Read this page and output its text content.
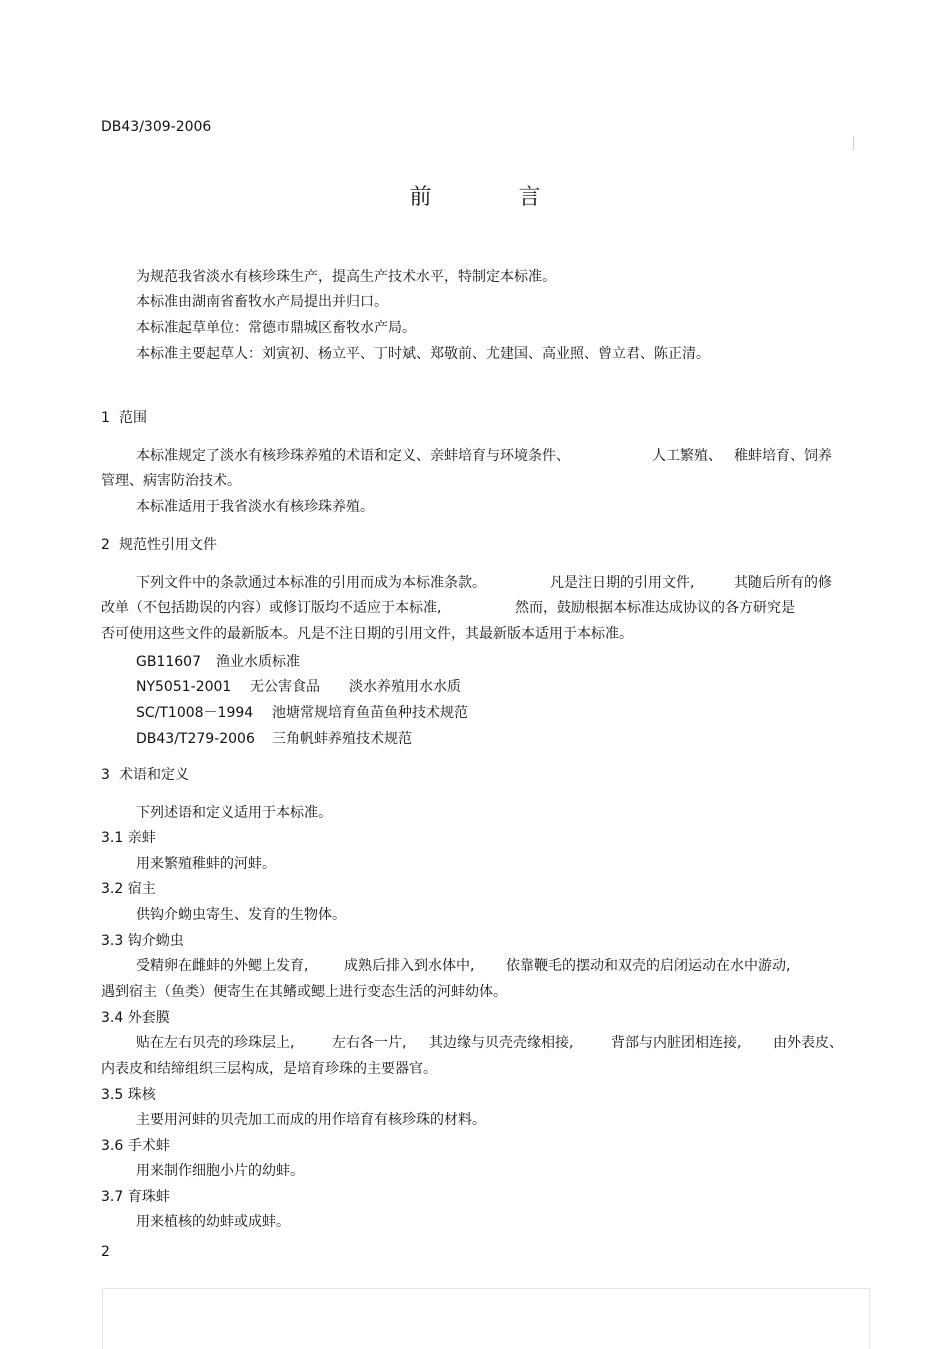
DB43/309-2006
前 言
为规范我省淡水有核珍珠生产，提高生产技术水平，特制定本标准。
本标准由湖南省畜牧水产局提出并归口。
本标准起草单位：常德市鼎城区畜牧水产局。
本标准主要起草人：刘寅初、杨立平、丁时斌、郑敬前、尤建国、高业照、曾立君、陈正清。
1 范围
本标准规定了淡水有核珍珠养殖的术语和定义、亲蚌培育与环境条件、	人工繁殖、 稚蚌培育、饲养
管理、病害防治技术。
本标准适用于我省淡水有核珍珠养殖。
2 规范性引用文件
下列文件中的条款通过本标准的引用而成为本标准条款。	凡是注日期的引用文件,	其随后所有的修
改单（不包括勘误的内容）或修订版均不适应于本标准,	然而，鼓励根据本标准达成协议的各方研究是
否可使用这些文件的最新版本。凡是不注日期的引用文件，其最新版本适用于本标准。
GB11607 渔业水质标准
NY5051-2001 无公害食品 淡水养殖用水水质
SC/T1008－1994 池塘常规培育鱼苗鱼种技术规范
DB43/T279-2006 三角帆蚌养殖技术规范
3 术语和定义
下列述语和定义适用于本标准。
3.1 亲蚌
用来繁殖稚蚌的河蚌。
3.2 宿主
供钩介蚴虫寄生、发育的生物体。
3.3 钩介蚴虫
受精卵在雌蚌的外鳃上发育,	成熟后排入到水体中, 依靠鞭毛的摆动和双壳的启闭运动在水中游动,
遇到宿主（鱼类）便寄生在其鳍或鳃上进行变态生活的河蚌幼体。
3.4 外套膜
贴在左右贝壳的珍珠层上,	左右各一片, 其边缘与贝壳壳缘相接,	背部与内脏团相连接, 由外表皮、
内表皮和结缔组织三层构成，是培育珍珠的主要器官。
3.5 珠核
主要用河蚌的贝壳加工而成的用作培育有核珍珠的材料。
3.6 手术蚌
用来制作细胞小片的幼蚌。
3.7 育珠蚌
用来植核的幼蚌或成蚌。
2
